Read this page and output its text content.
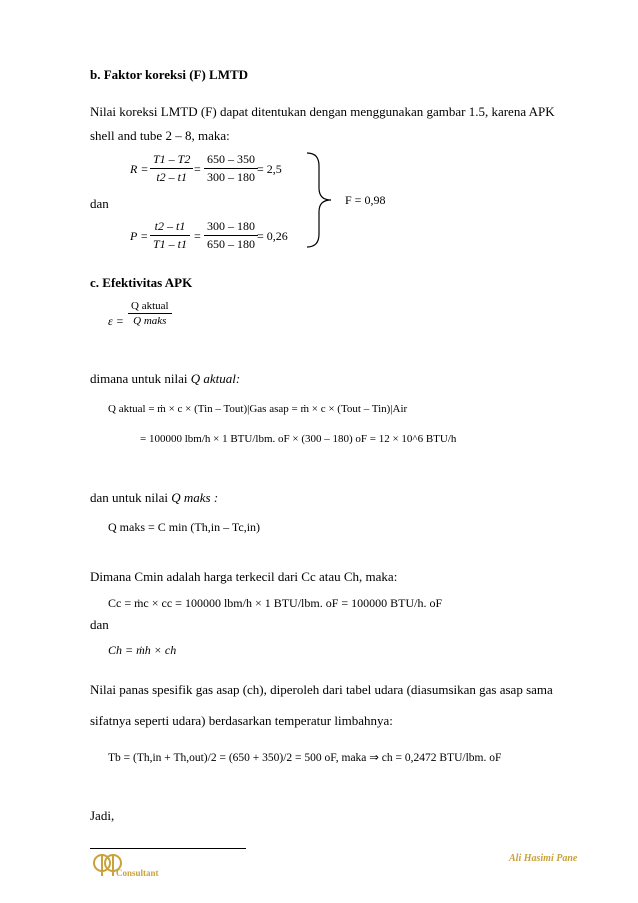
b. Faktor koreksi (F) LMTD
Nilai koreksi LMTD (F) dapat ditentukan dengan menggunakan gambar 1.5, karena APK
shell and tube 2 – 8, maka:
$R = \frac{T1 - T2}{t2 - t1} = \frac{650 - 350}{300 - 180} = 2,5$
dan
$P = \frac{t2 - t1}{T1 - t1} = \frac{300 - 180}{650 - 180} = 0,26$
F = 0,98
c. Efektivitas APK
$\varepsilon = \frac{\text{Q aktual}}{\text{Q maks}}$
dimana untuk nilai Q aktual:
Q aktual = ṁ × c × (Tin – Tout)|Gas asap = ṁ × c × (Tout – Tin)|Air
= 100000 lbm/h × 1 BTU/lbm. oF × (300 – 180) oF = 12 × 10^6 BTU/h
dan untuk nilai Q maks :
Q maks = C min (Th,in – Tc,in)
Dimana Cmin adalah harga terkecil dari Cc atau Ch, maka:
Cc = ṁc × cc = 100000 lbm/h × 1 BTU/lbm. oF = 100000 BTU/h. oF
dan
Ch = ṁh × ch
Nilai panas spesifik gas asap (ch), diperoleh dari tabel udara (diasumsikan gas asap sama
sifatnya seperti udara) berdasarkan temperatur limbahnya:
Tb = (Th,in + Th,out)/2 = (650 + 350)/2 = 500 oF, maka ⇒ ch = 0,2472 BTU/lbm. oF
Jadi,
Consultant
Ali Hasimi Pane
